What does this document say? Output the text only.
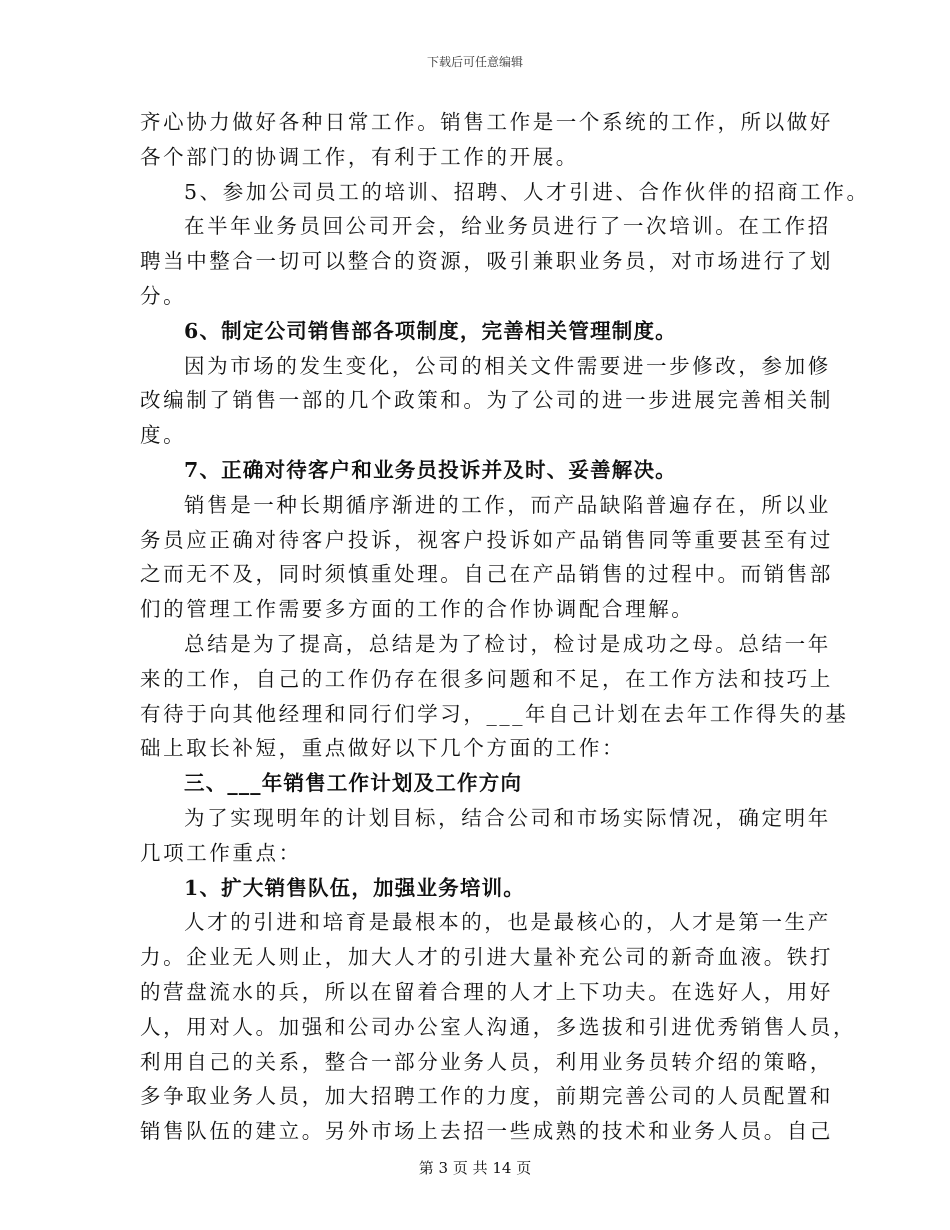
下载后可任意编辑
齐心协力做好各种日常工作。销售工作是一个系统的工作，所以做好
各个部门的协调工作，有利于工作的开展。
5、参加公司员工的培训、招聘、人才引进、合作伙伴的招商工作。
在半年业务员回公司开会，给业务员进行了一次培训。在工作招
聘当中整合一切可以整合的资源，吸引兼职业务员，对市场进行了划
分。
6、制定公司销售部各项制度，完善相关管理制度。
因为市场的发生变化，公司的相关文件需要进一步修改，参加修
改编制了销售一部的几个政策和。为了公司的进一步进展完善相关制
度。
7、正确对待客户和业务员投诉并及时、妥善解决。
销售是一种长期循序渐进的工作，而产品缺陷普遍存在，所以业
务员应正确对待客户投诉，视客户投诉如产品销售同等重要甚至有过
之而无不及，同时须慎重处理。自己在产品销售的过程中。而销售部
们的管理工作需要多方面的工作的合作协调配合理解。
总结是为了提高，总结是为了检讨，检讨是成功之母。总结一年
来的工作，自己的工作仍存在很多问题和不足，在工作方法和技巧上
有待于向其他经理和同行们学习，___年自己计划在去年工作得失的基
础上取长补短，重点做好以下几个方面的工作：
三、___年销售工作计划及工作方向
为了实现明年的计划目标，结合公司和市场实际情况，确定明年
几项工作重点：
1、扩大销售队伍，加强业务培训。
人才的引进和培育是最根本的，也是最核心的，人才是第一生产
力。企业无人则止，加大人才的引进大量补充公司的新奇血液。铁打
的营盘流水的兵，所以在留着合理的人才上下功夫。在选好人，用好
人，用对人。加强和公司办公室人沟通，多选拔和引进优秀销售人员，
利用自己的关系，整合一部分业务人员，利用业务员转介绍的策略，
多争取业务人员，加大招聘工作的力度，前期完善公司的人员配置和
销售队伍的建立。另外市场上去招一些成熟的技术和业务人员。自己
第 3 页 共 14 页
